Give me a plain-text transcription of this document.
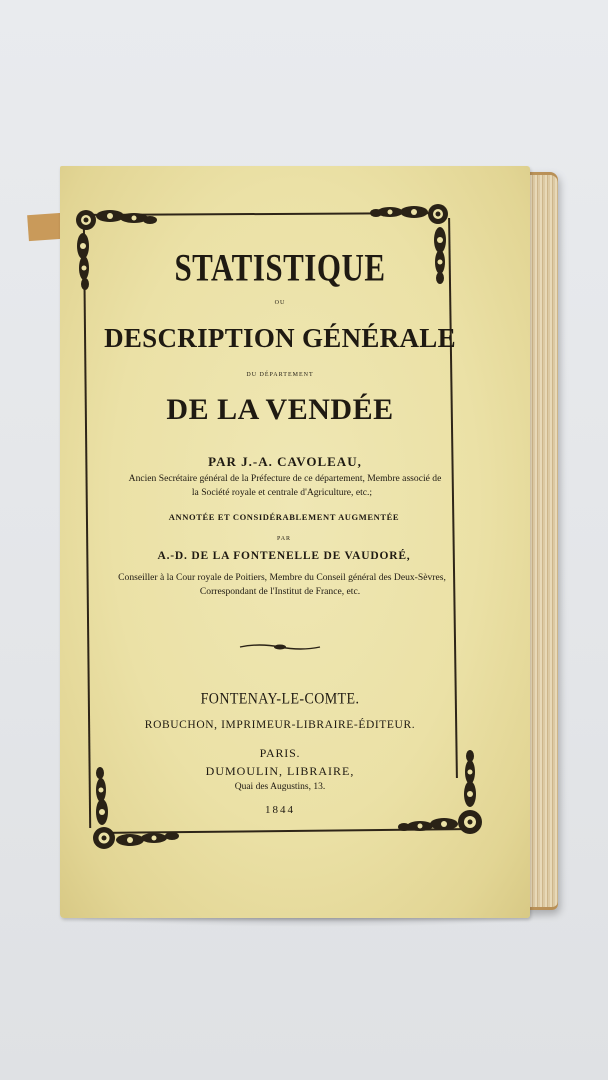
STATISTIQUE
OU
DESCRIPTION GÉNÉRALE
DU DÉPARTEMENT
DE LA VENDÉE
PAR J.-A. CAVOLEAU,
Ancien Secrétaire général de la Préfecture de ce département, Membre associé de
la Société royale et centrale d'Agriculture, etc.;
ANNOTÉE ET CONSIDÉRABLEMENT AUGMENTÉE
PAR
A.-D. DE LA FONTENELLE DE VAUDORÉ,
Conseiller à la Cour royale de Poitiers, Membre du Conseil général des Deux-Sèvres,
Correspondant de l'Institut de France, etc.
FONTENAY-LE-COMTE.
ROBUCHON, IMPRIMEUR-LIBRAIRE-ÉDITEUR.
PARIS.
DUMOULIN, LIBRAIRE,
Quai des Augustins, 13.
1844
